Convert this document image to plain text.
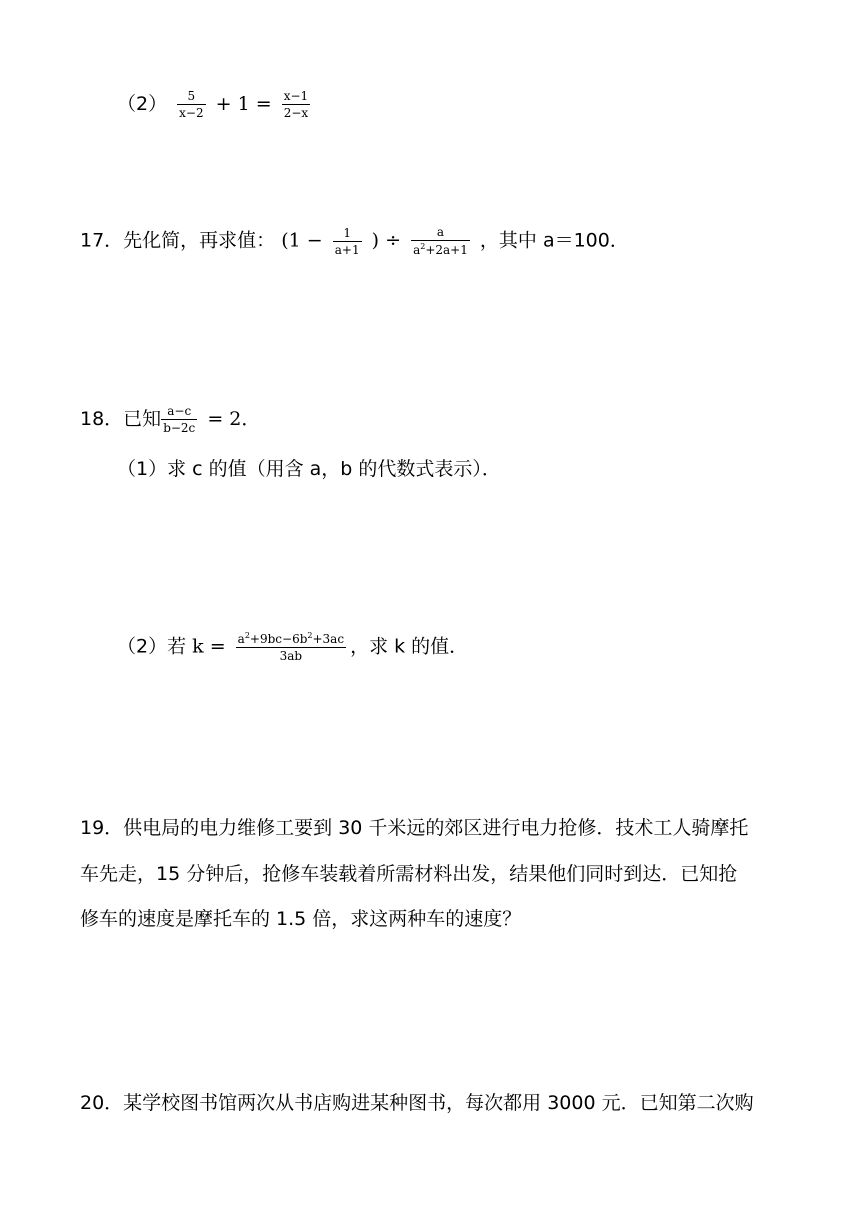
$(2) \frac{5}{x-2} + 1 = \frac{x-1}{2-x}$
17．先化简，再求值： ($1 - \frac{1}{a+1}$ ) ÷ $\frac{a}{a^2+2a+1}$ ，其中 a＝100．
18．已知 $\frac{a-c}{b-2c} = 2$．
（1）求 c 的值（用含 a，b 的代数式表示）．
（2）若 $k = \frac{a^2+9bc-6b^2+3ac}{3ab}$ ，求 k 的值．
19．供电局的电力维修工要到 30 千米远的郊区进行电力抢修．技术工人骑摩托
车先走，15 分钟后，抢修车装载着所需材料出发，结果他们同时到达．已知抢
修车的速度是摩托车的 1.5 倍，求这两种车的速度？
20．某学校图书馆两次从书店购进某种图书，每次都用 3000 元．已知第二次购
